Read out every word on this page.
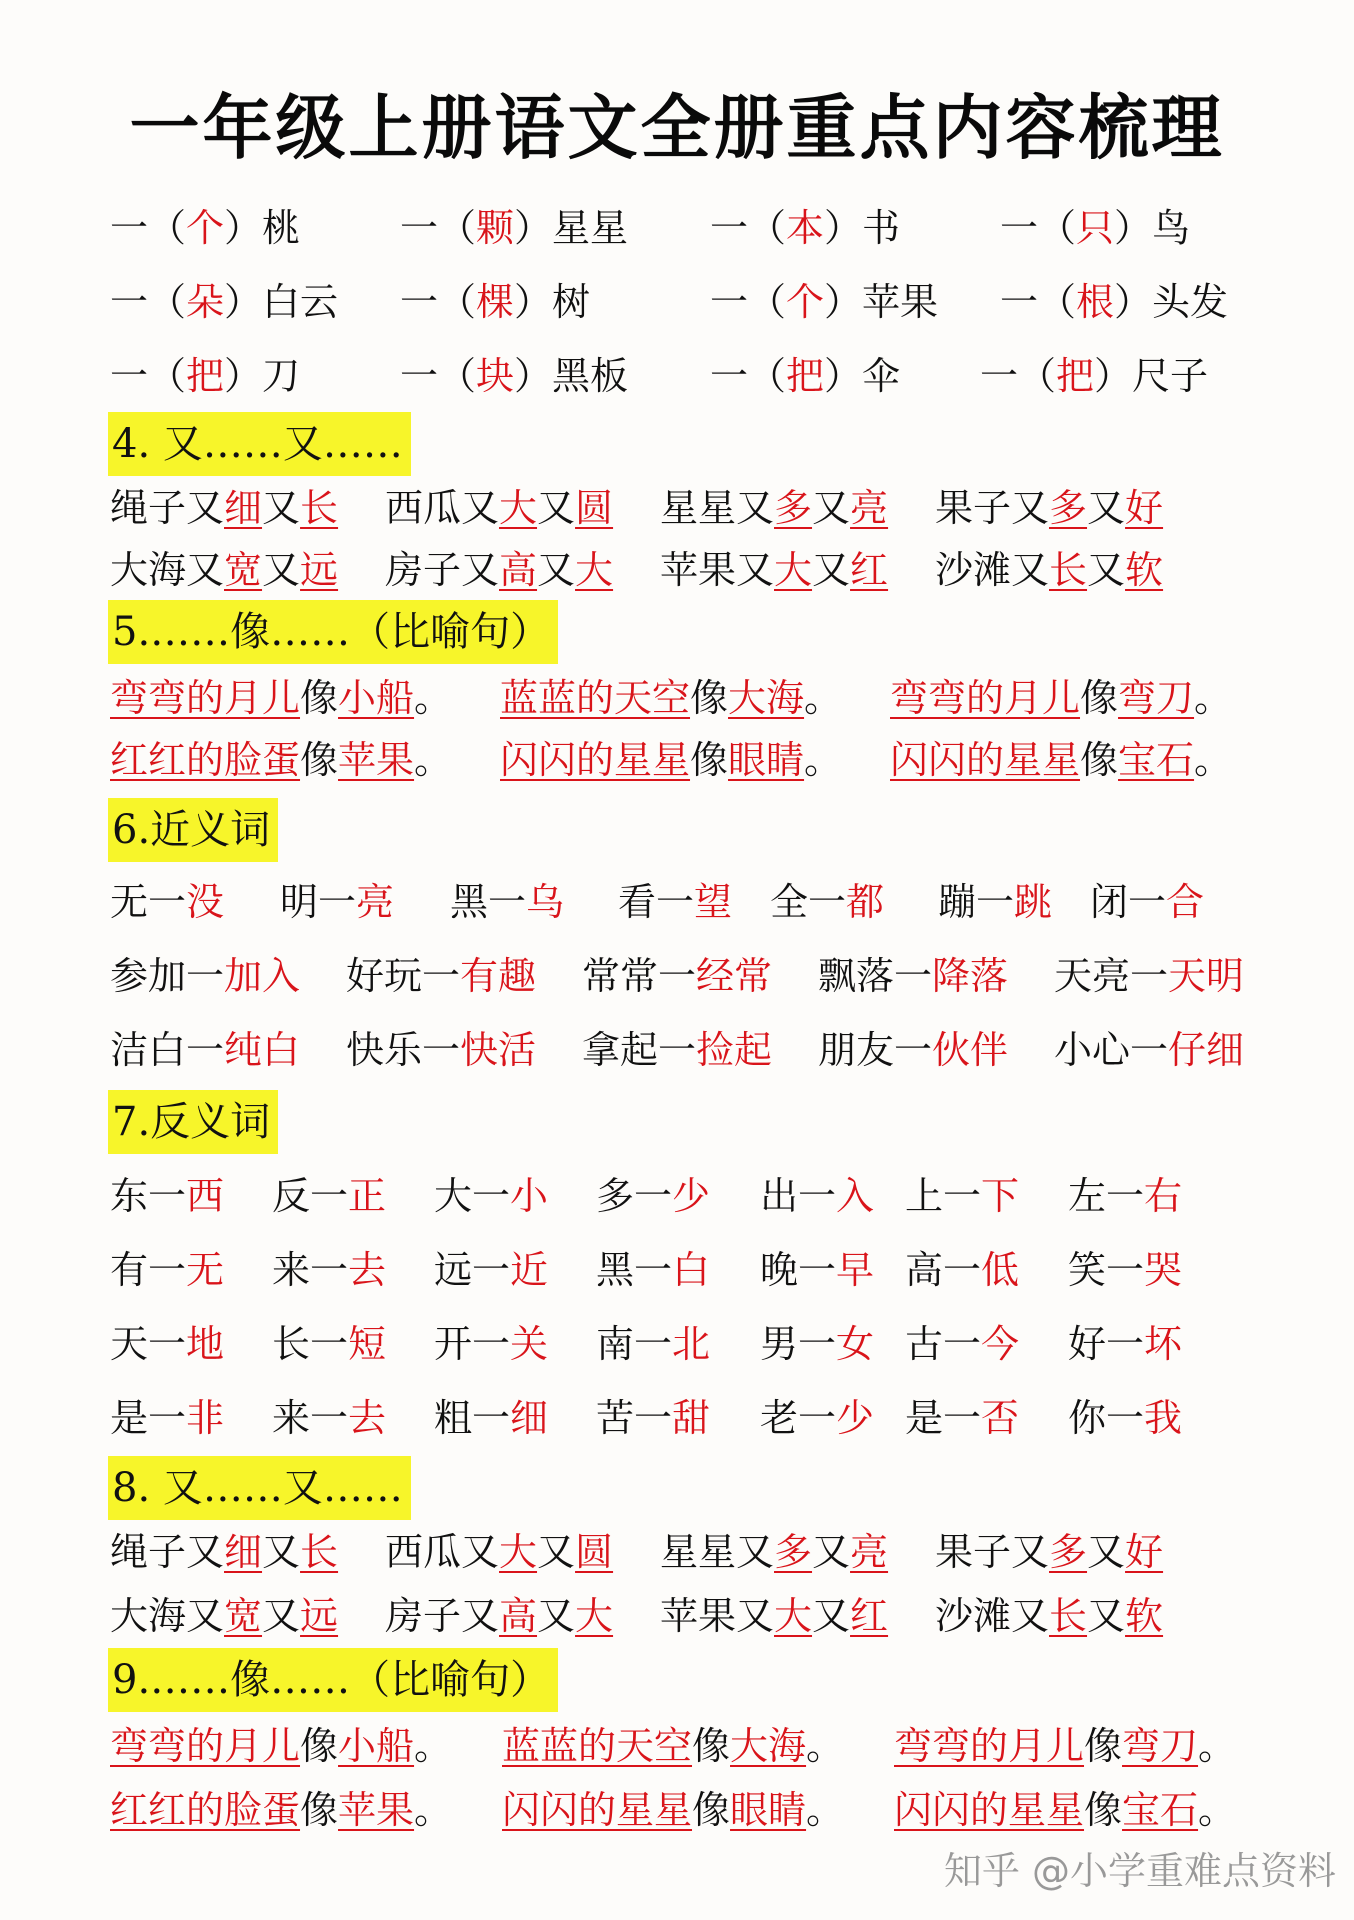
一年级上册语文全册重点内容梳理
一（个）桃	一（颗）星星 一（本）书	一（只）鸟
一（朵）白云 一（棵）树	一（个）苹果 一（根）头发
一（把）刀	一（块）黑板 一（把）伞 一（把）尺子
4. 又……又……
绳子又细又长 西瓜又大又圆 星星又多又亮 果子又多又好
大海又宽又远 房子又高又大 苹果又大又红 沙滩又长又软
5.……像……（比喻句）
弯弯的月儿像小船。 蓝蓝的天空像大海。 弯弯的月儿像弯刀。
红红的脸蛋像苹果。 闪闪的星星像眼睛。 闪闪的星星像宝石。
6.近义词
无一没 明一亮 黑一乌 看一望 全一都 蹦一跳 闭一合
参加一加入 好玩一有趣 常常一经常 飘落一降落 天亮一天明
洁白一纯白 快乐一快活 拿起一捡起 朋友一伙伴 小心一仔细
7.反义词
东一西 反一正 大一小 多一少 出一入 上一下 左一右
有一无 来一去 远一近 黑一白 晚一早 高一低 笑一哭
天一地 长一短 开一关 南一北 男一女 古一今 好一坏
是一非 来一去 粗一细 苦一甜 老一少 是一否 你一我
8. 又……又……
绳子又细又长 西瓜又大又圆 星星又多又亮 果子又多又好
大海又宽又远 房子又高又大 苹果又大又红 沙滩又长又软
9.……像……（比喻句）
弯弯的月儿像小船。 蓝蓝的天空像大海。 弯弯的月儿像弯刀。
红红的脸蛋像苹果。 闪闪的星星像眼睛。 闪闪的星星像宝石。
知乎 @小学重难点资料
